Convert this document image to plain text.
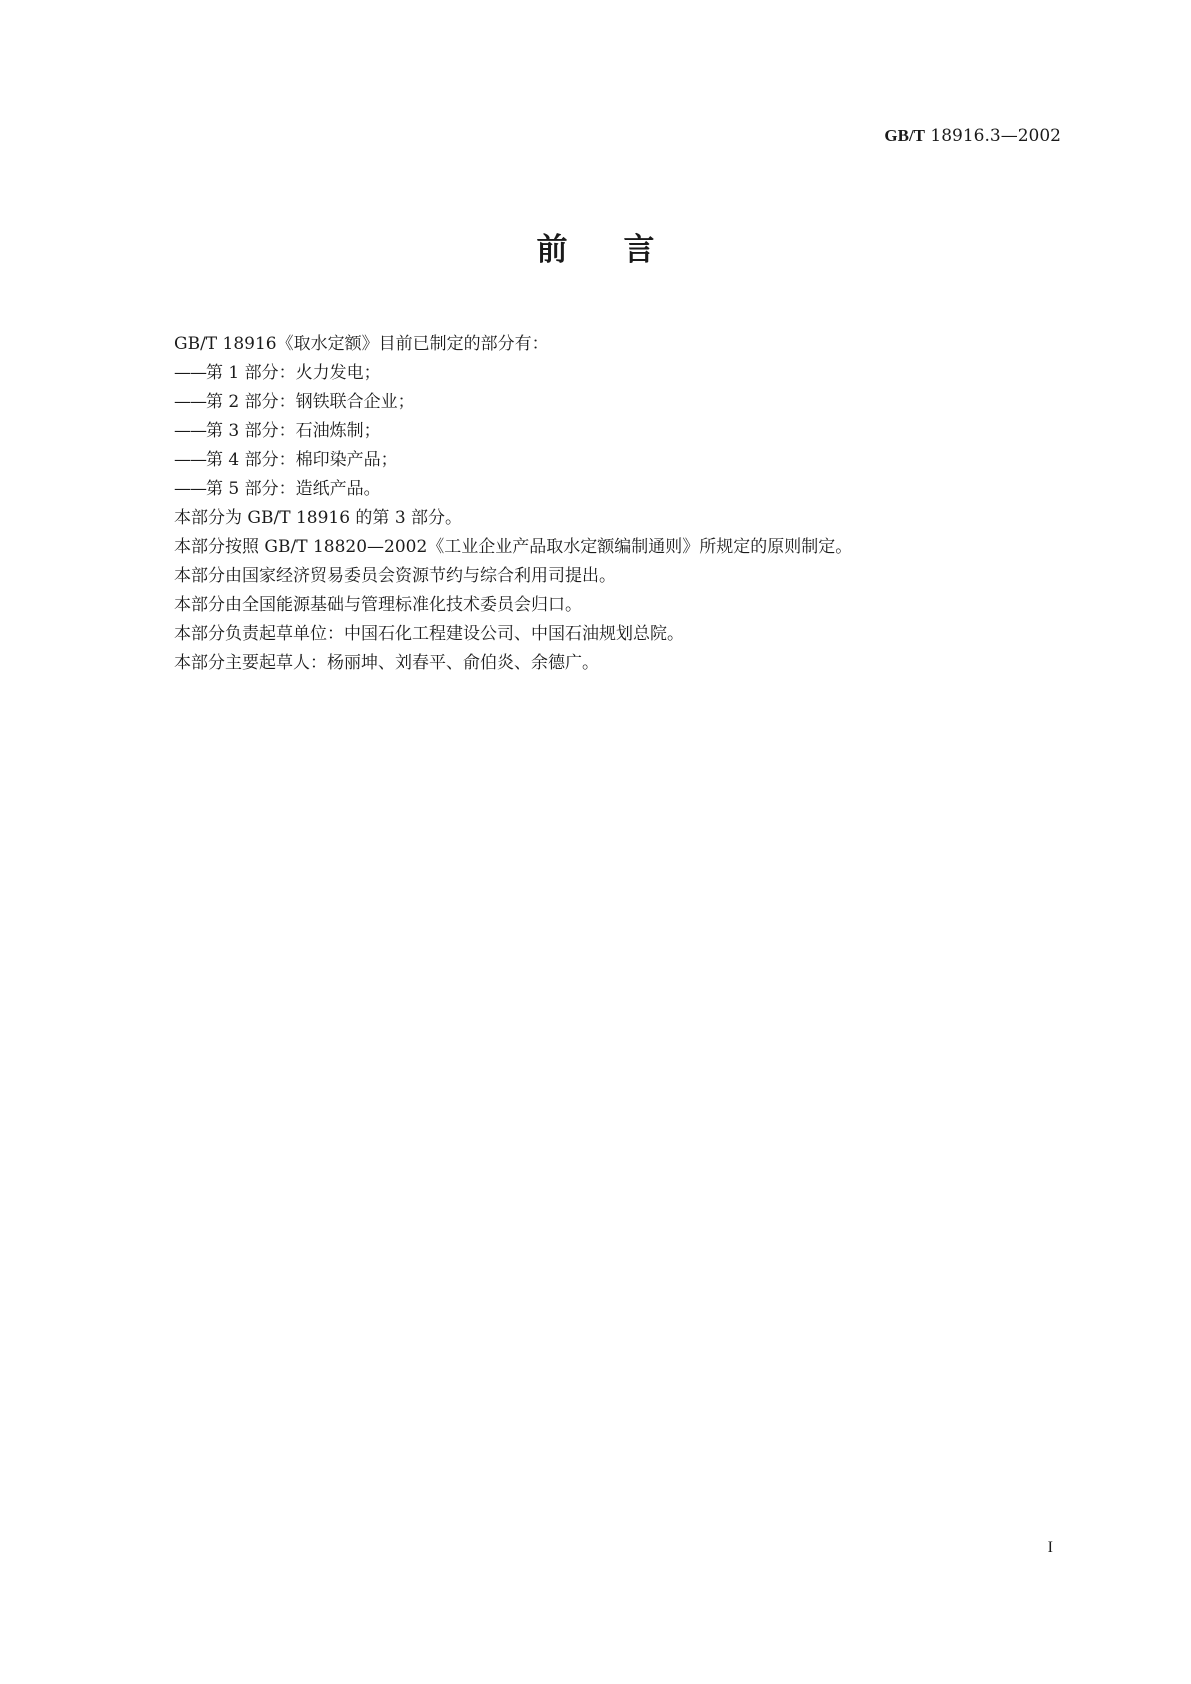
GB/T 18916.3—2002
前言

GB/T 18916《取水定额》目前已制定的部分有：

——第 1 部分：火力发电；

——第 2 部分：钢铁联合企业；

——第 3 部分：石油炼制；

——第 4 部分：棉印染产品；

——第 5 部分：造纸产品。

本部分为 GB/T 18916 的第 3 部分。

本部分按照 GB/T 18820—2002《工业企业产品取水定额编制通则》所规定的原则制定。

本部分由国家经济贸易委员会资源节约与综合利用司提出。

本部分由全国能源基础与管理标准化技术委员会归口。

本部分负责起草单位：中国石化工程建设公司、中国石油规划总院。

本部分主要起草人：杨丽坤、刘春平、俞伯炎、余德广。

I
